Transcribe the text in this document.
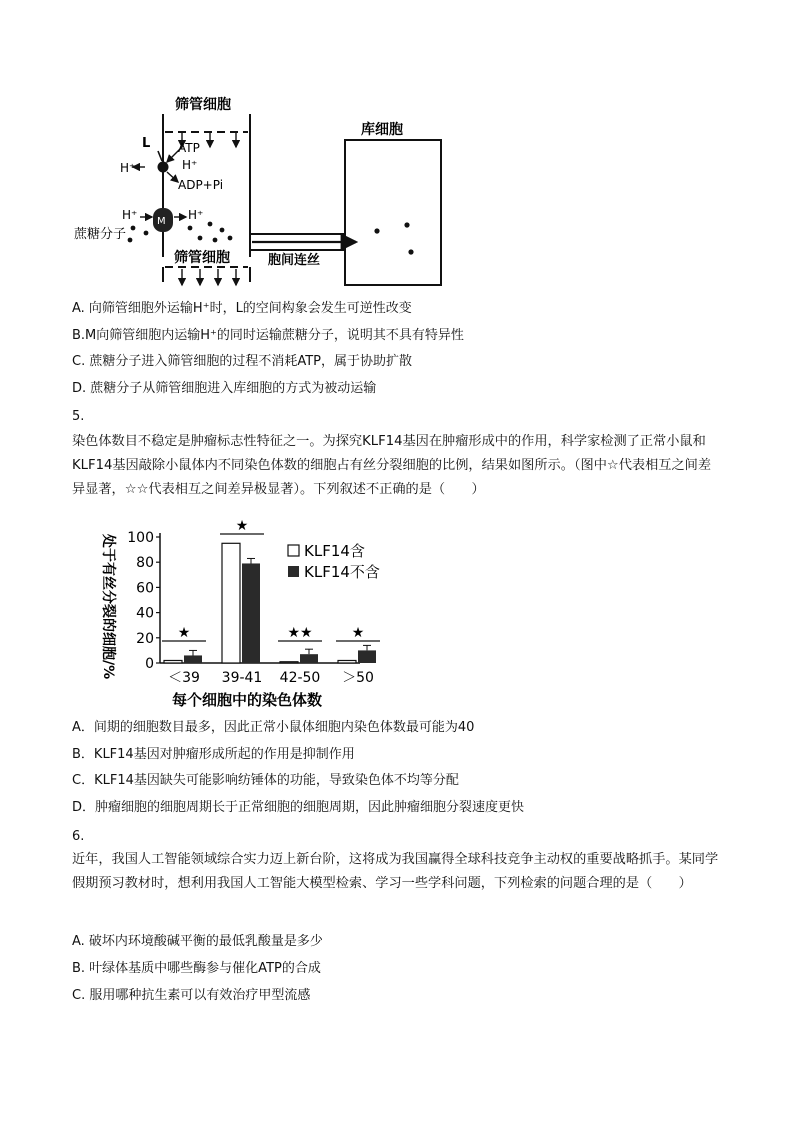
筛管细胞
L ATP
H⁺	H⁺
ADP+Pi
H⁺	H⁺
M
蔗糖分子
筛管细胞	胞间连丝
库细胞
A. 向筛管细胞外运输H⁺时，L的空间构象会发生可逆性改变
B.M向筛管细胞内运输H⁺的同时运输蔗糖分子，说明其不具有特异性
C. 蔗糖分子进入筛管细胞的过程不消耗ATP，属于协助扩散
D. 蔗糖分子从筛管细胞进入库细胞的方式为被动运输
5.
染色体数目不稳定是肿瘤标志性特征之一。为探究KLF14基因在肿瘤形成中的作用，科学家检测了正常小鼠和KLF14基因敲除小鼠体内不同染色体数的细胞占有丝分裂细胞的比例，结果如图所示。（图中☆代表相互之间差异显著，☆☆代表相互之间差异极显著）。下列叙述不正确的是（　　）
处于有丝分裂的细胞/%
每个细胞中的染色体数
100
80
60
40
20
0
★
＜39
★
39-41
★★
42-50
★
＞50
KLF14含
KLF14不含
A．间期的细胞数目最多，因此正常小鼠体细胞内染色体数最可能为40
B．KLF14基因对肿瘤形成所起的作用是抑制作用
C．KLF14基因缺失可能影响纺锤体的功能，导致染色体不均等分配
D．肿瘤细胞的细胞周期长于正常细胞的细胞周期，因此肿瘤细胞分裂速度更快
6.
近年，我国人工智能领域综合实力迈上新台阶，这将成为我国赢得全球科技竞争主动权的重要战略抓手。某同学假期预习教材时，想利用我国人工智能大模型检索、学习一些学科问题，下列检索的问题合理的是（　　）
A. 破坏内环境酸碱平衡的最低乳酸量是多少
B. 叶绿体基质中哪些酶参与催化ATP的合成
C. 服用哪种抗生素可以有效治疗甲型流感
